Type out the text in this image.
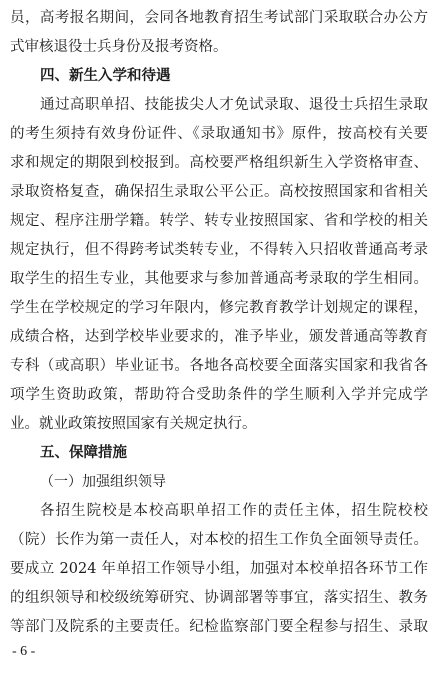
员，高考报名期间，会同各地教育招生考试部门采取联合办公方
式审核退役士兵身份及报考资格。
四、新生入学和待遇
通过高职单招、技能拔尖人才免试录取、退役士兵招生录取
的考生须持有效身份证件、《录取通知书》原件，按高校有关要
求和规定的期限到校报到。高校要严格组织新生入学资格审查、
录取资格复查，确保招生录取公平公正。高校按照国家和省相关
规定、程序注册学籍。转学、转专业按照国家、省和学校的相关
规定执行，但不得跨考试类转专业，不得转入只招收普通高考录
取学生的招生专业，其他要求与参加普通高考录取的学生相同。
学生在学校规定的学习年限内，修完教育教学计划规定的课程，
成绩合格，达到学校毕业要求的，准予毕业，颁发普通高等教育
专科（或高职）毕业证书。各地各高校要全面落实国家和我省各
项学生资助政策，帮助符合受助条件的学生顺利入学并完成学
业。就业政策按照国家有关规定执行。
五、保障措施
（一）加强组织领导
各招生院校是本校高职单招工作的责任主体，招生院校校
（院）长作为第一责任人，对本校的招生工作负全面领导责任。
要成立 2024 年单招工作领导小组，加强对本校单招各环节工作
的组织领导和校级统筹研究、协调部署等事宜，落实招生、教务
等部门及院系的主要责任。纪检监察部门要全程参与招生、录取
- 6 -
